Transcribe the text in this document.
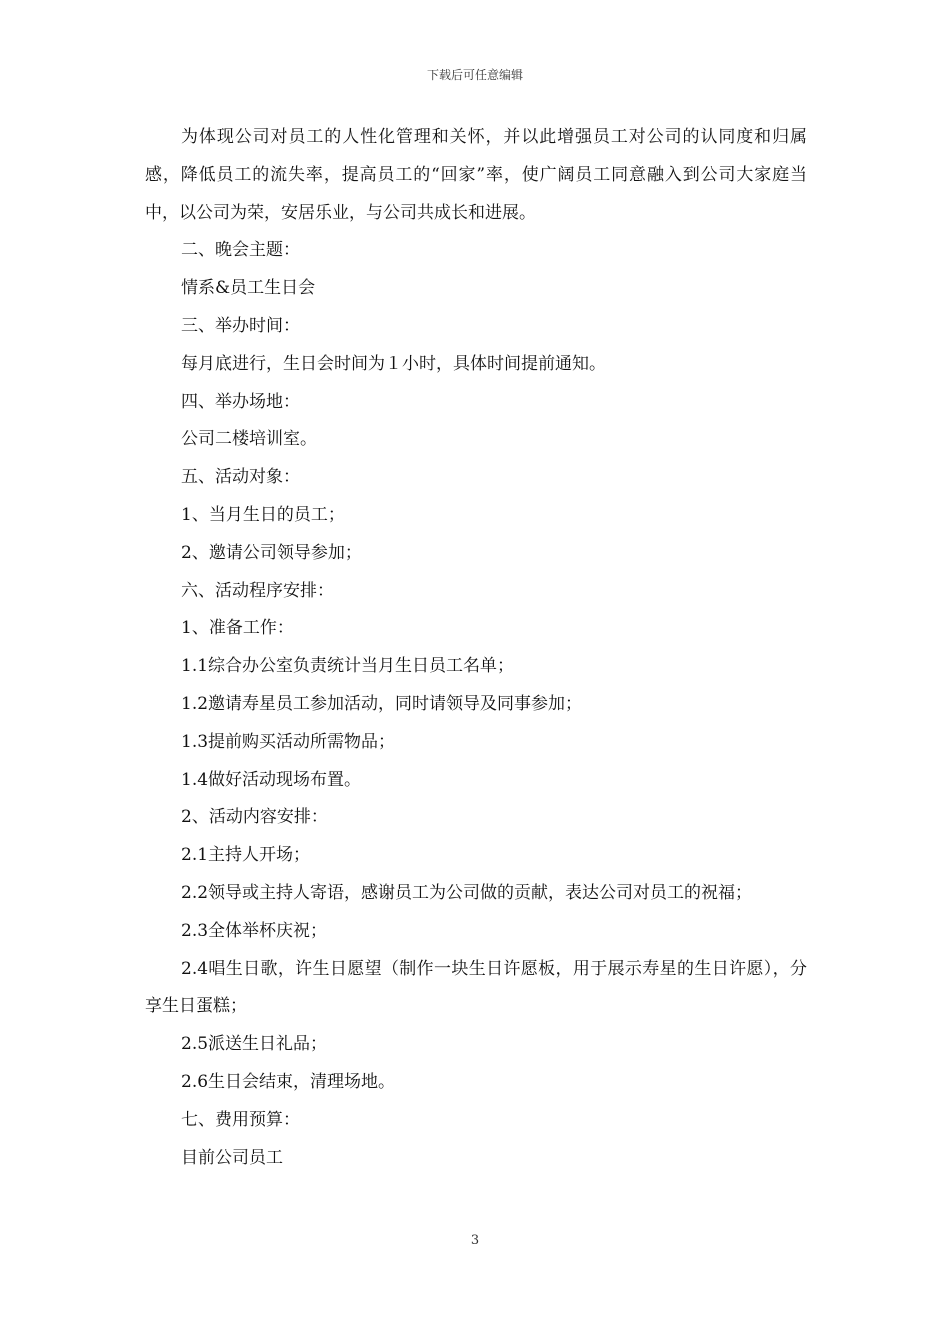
下载后可任意编辑

为体现公司对员工的人性化管理和关怀，并以此增强员工对公司的认同度和归属感，降低员工的流失率，提高员工的“回家”率，使广阔员工同意融入到公司大家庭当中，以公司为荣，安居乐业，与公司共成长和进展。

二、晚会主题：

情系&员工生日会

三、举办时间：

每月底进行，生日会时间为１小时，具体时间提前通知。

四、举办场地：

公司二楼培训室。

五、活动对象：

1、当月生日的员工；

2、邀请公司领导参加；

六、活动程序安排：

1、准备工作：

1.1综合办公室负责统计当月生日员工名单；

1.2邀请寿星员工参加活动，同时请领导及同事参加；

1.3提前购买活动所需物品；

1.4做好活动现场布置。

2、活动内容安排：

2.1主持人开场；

2.2领导或主持人寄语，感谢员工为公司做的贡献，表达公司对员工的祝福；

2.3全体举杯庆祝；

2.4唱生日歌，许生日愿望（制作一块生日许愿板，用于展示寿星的生日许愿），分享生日蛋糕；

2.5派送生日礼品；

2.6生日会结束，清理场地。

七、费用预算：

目前公司员工

3
